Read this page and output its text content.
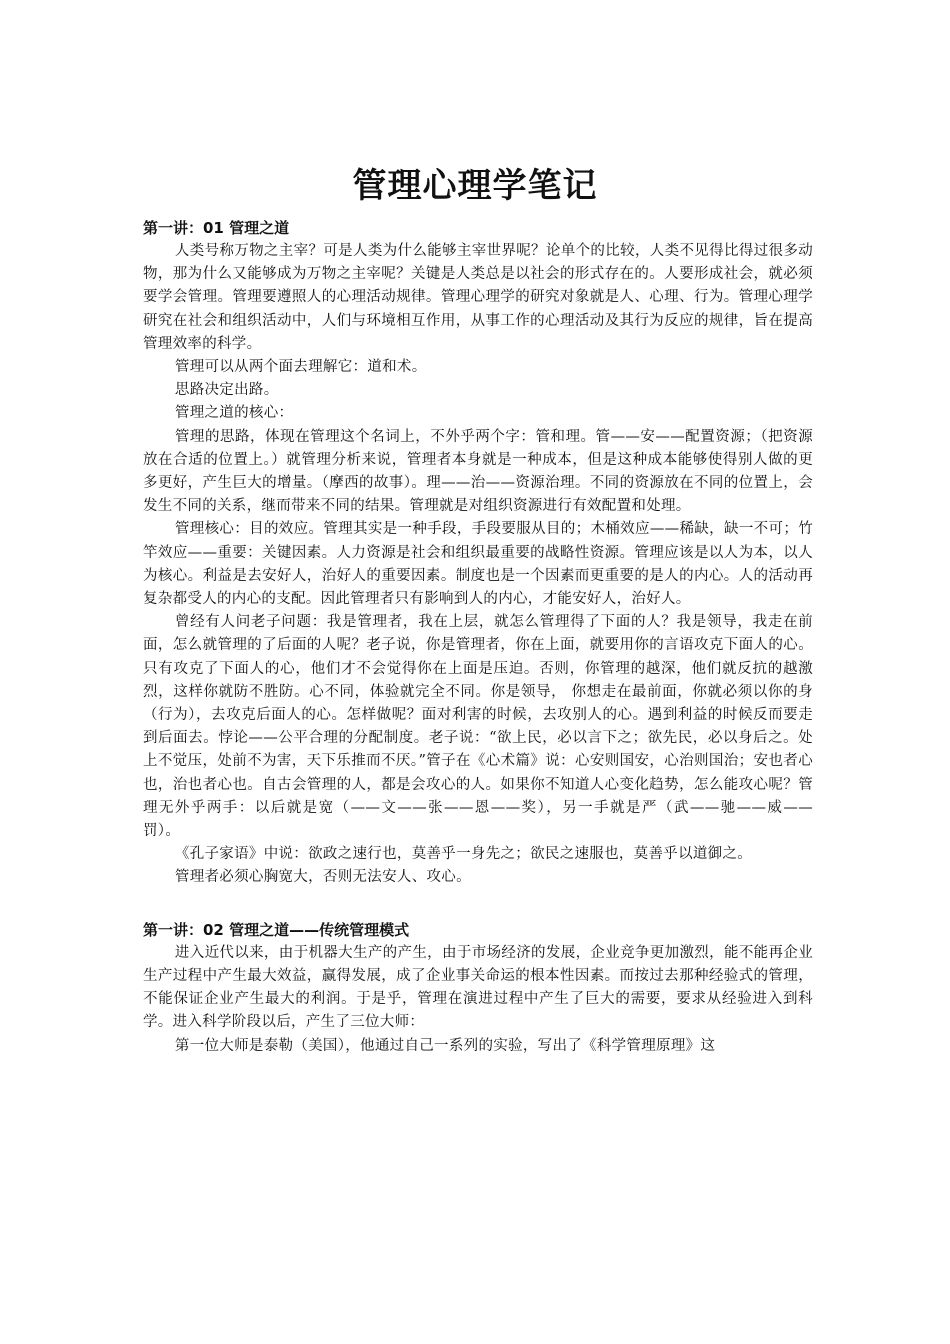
管理心理学笔记

第一讲：01 管理之道

人类号称万物之主宰？可是人类为什么能够主宰世界呢？论单个的比较，人类不见得比得过很多动物，那为什么又能够成为万物之主宰呢？关键是人类总是以社会的形式存在的。人要形成社会，就必须要学会管理。管理要遵照人的心理活动规律。管理心理学的研究对象就是人、心理、行为。管理心理学研究在社会和组织活动中，人们与环境相互作用，从事工作的心理活动及其行为反应的规律，旨在提高管理效率的科学。

管理可以从两个面去理解它：道和术。

思路决定出路。

管理之道的核心：

管理的思路，体现在管理这个名词上，不外乎两个字：管和理。管——安——配置资源；（把资源放在合适的位置上。）就管理分析来说，管理者本身就是一种成本，但是这种成本能够使得别人做的更多更好，产生巨大的增量。（摩西的故事）。理——治——资源治理。不同的资源放在不同的位置上，会发生不同的关系，继而带来不同的结果。管理就是对组织资源进行有效配置和处理。

管理核心：目的效应。管理其实是一种手段，手段要服从目的；木桶效应——稀缺，缺一不可；竹竿效应——重要：关键因素。人力资源是社会和组织最重要的战略性资源。管理应该是以人为本，以人为核心。利益是去安好人，治好人的重要因素。制度也是一个因素而更重要的是人的内心。人的活动再复杂都受人的内心的支配。因此管理者只有影响到人的内心，才能安好人，治好人。

曾经有人问老子问题：我是管理者，我在上层，就怎么管理得了下面的人？我是领导，我走在前面，怎么就管理的了后面的人呢？老子说，你是管理者，你在上面，就要用你的言语攻克下面人的心。只有攻克了下面人的心，他们才不会觉得你在上面是压迫。否则，你管理的越深，他们就反抗的越激烈，这样你就防不胜防。心不同，体验就完全不同。你是领导， 你想走在最前面，你就必须以你的身（行为），去攻克后面人的心。怎样做呢？面对利害的时候，去攻别人的心。遇到利益的时候反而要走到后面去。悖论——公平合理的分配制度。老子说：“欲上民，必以言下之；欲先民，必以身后之。处上不觉压，处前不为害，天下乐推而不厌。”管子在《心术篇》说：心安则国安，心治则国治；安也者心也，治也者心也。自古会管理的人，都是会攻心的人。如果你不知道人心变化趋势，怎么能攻心呢？管理无外乎两手：以后就是宽（——文——张——恩——奖），另一手就是严（武——驰——威—— 罚）。

《孔子家语》中说：欲政之速行也，莫善乎一身先之；欲民之速服也，莫善乎以道御之。

管理者必须心胸宽大，否则无法安人、攻心。

第一讲：02 管理之道——传统管理模式

进入近代以来，由于机器大生产的产生，由于市场经济的发展，企业竞争更加激烈，能不能再企业生产过程中产生最大效益，赢得发展，成了企业事关命运的根本性因素。而按过去那种经验式的管理，不能保证企业产生最大的利润。于是乎，管理在演进过程中产生了巨大的需要，要求从经验进入到科学。进入科学阶段以后，产生了三位大师：

第一位大师是泰勒（美国），他通过自己一系列的实验，写出了《科学管理原理》这
